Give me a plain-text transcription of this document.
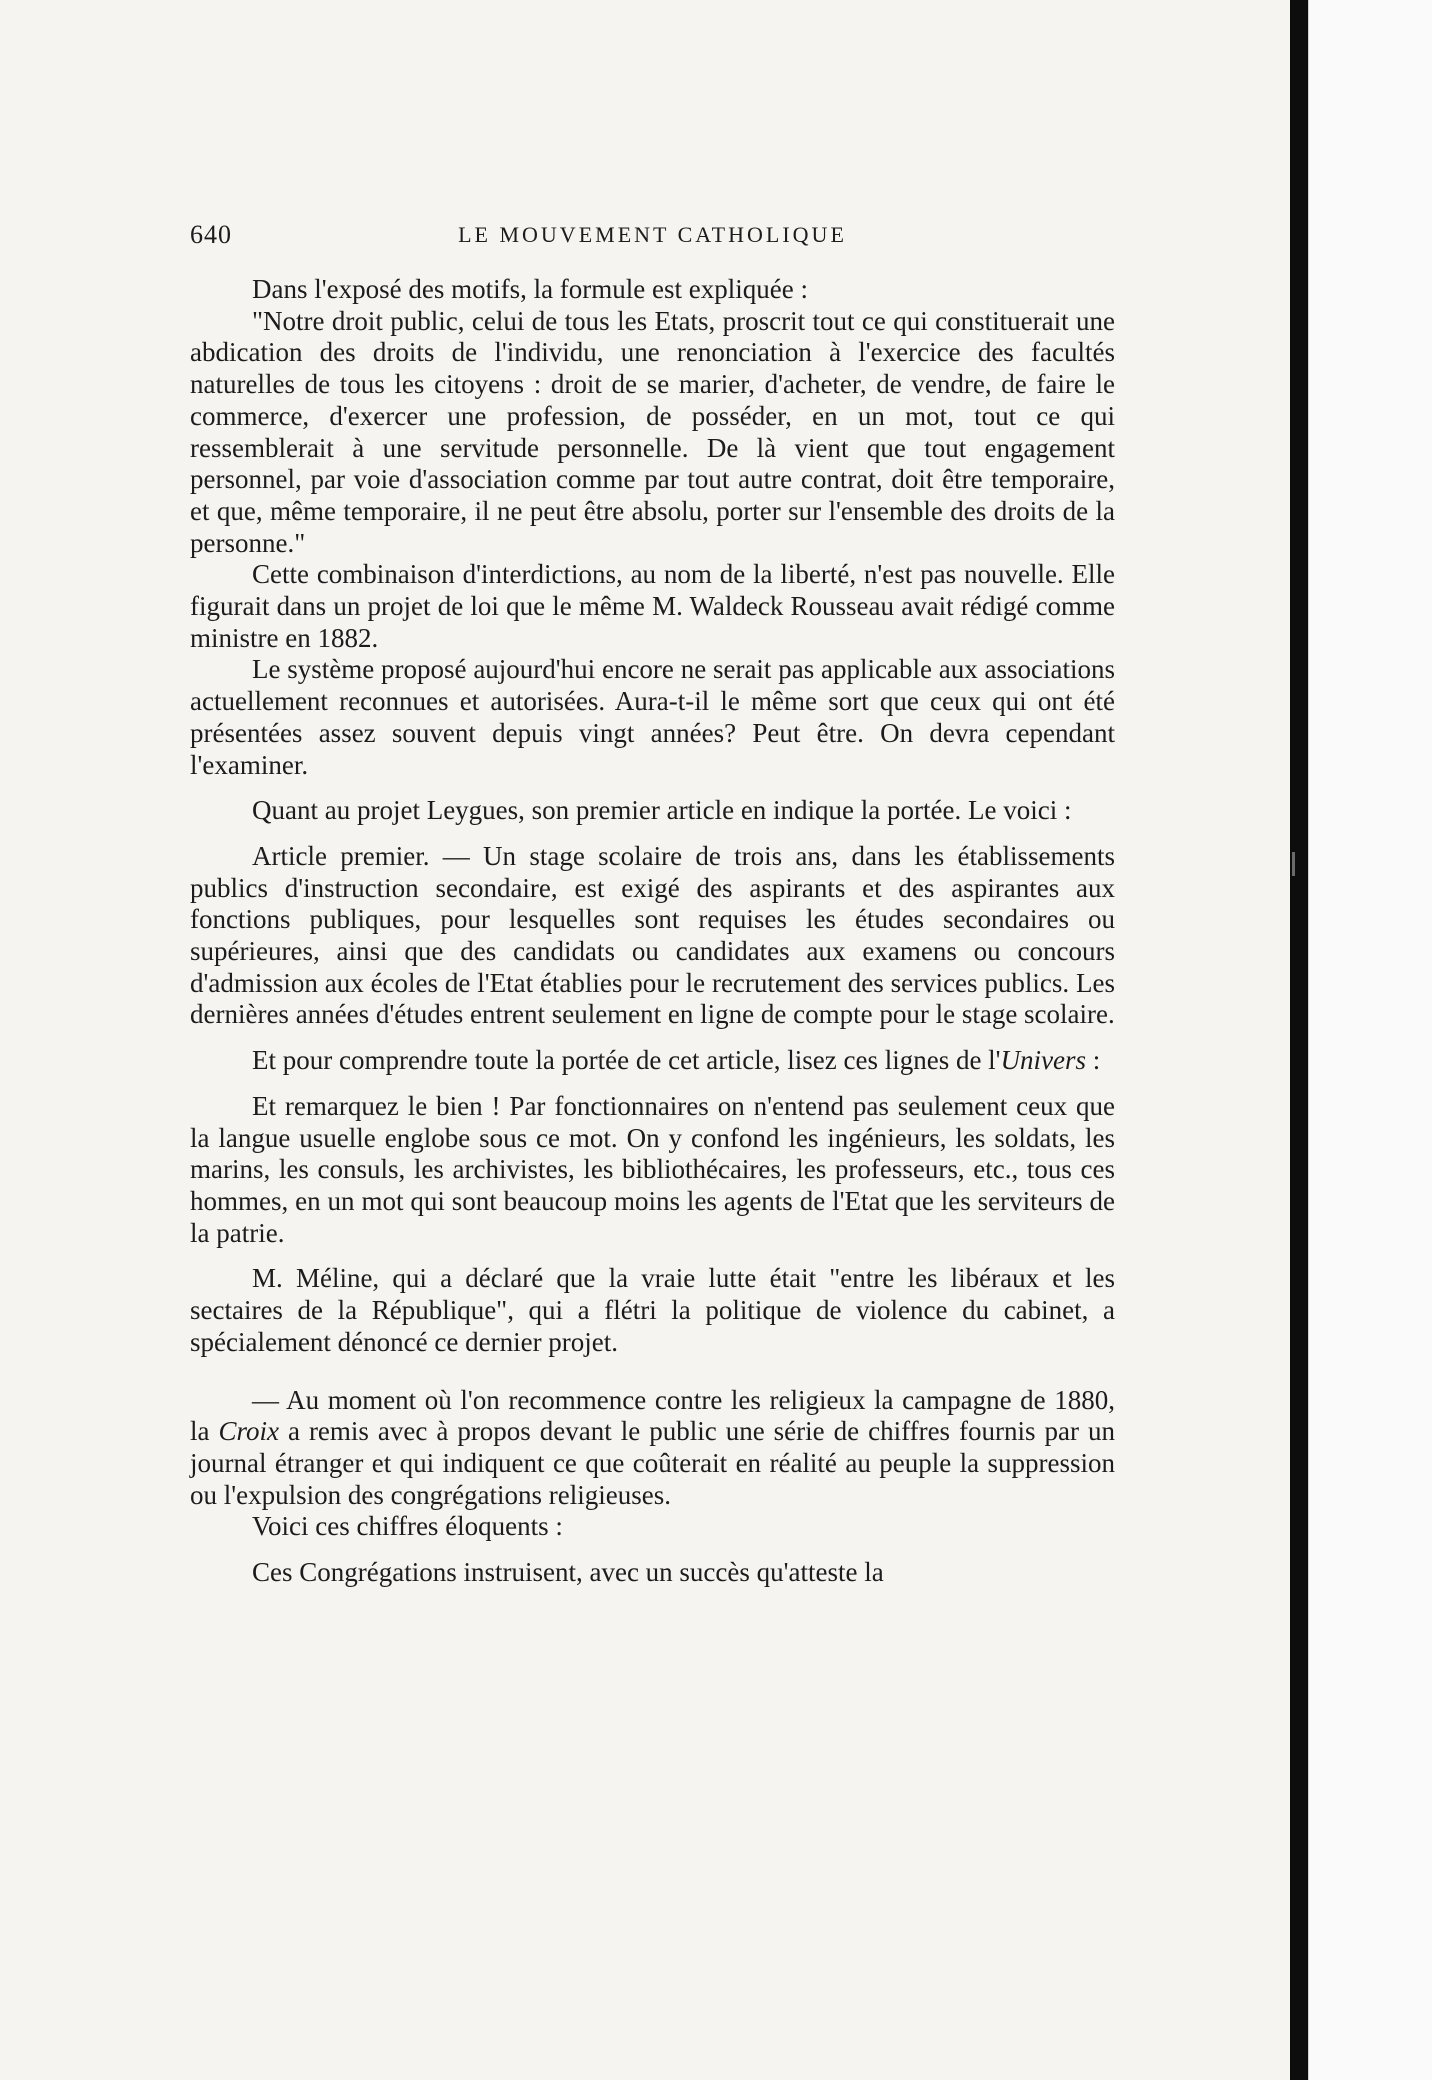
640	LE MOUVEMENT CATHOLIQUE

Dans l'exposé des motifs, la formule est expliquée :

"Notre droit public, celui de tous les Etats, proscrit tout ce qui constituerait une abdication des droits de l'individu, une renonciation à l'exercice des facultés naturelles de tous les citoyens : droit de se marier, d'acheter, de vendre, de faire le commerce, d'exercer une profession, de posséder, en un mot, tout ce qui ressemblerait à une servitude personnelle. De là vient que tout engagement personnel, par voie d'association comme par tout autre contrat, doit être temporaire, et que, même temporaire, il ne peut être absolu, porter sur l'ensemble des droits de la personne."

Cette combinaison d'interdictions, au nom de la liberté, n'est pas nouvelle. Elle figurait dans un projet de loi que le même M. Waldeck Rousseau avait rédigé comme ministre en 1882.

Le système proposé aujourd'hui encore ne serait pas applicable aux associations actuellement reconnues et autorisées. Aura-t-il le même sort que ceux qui ont été présentées assez souvent depuis vingt années? Peut être. On devra cependant l'examiner.

Quant au projet Leygues, son premier article en indique la portée. Le voici :

Article premier. — Un stage scolaire de trois ans, dans les établissements publics d'instruction secondaire, est exigé des aspirants et des aspirantes aux fonctions publiques, pour lesquelles sont requises les études secondaires ou supérieures, ainsi que des candidats ou candidates aux examens ou concours d'admission aux écoles de l'Etat établies pour le recrutement des services publics. Les dernières années d'études entrent seulement en ligne de compte pour le stage scolaire.

Et pour comprendre toute la portée de cet article, lisez ces lignes de l'Univers :

Et remarquez le bien ! Par fonctionnaires on n'entend pas seulement ceux que la langue usuelle englobe sous ce mot. On y confond les ingénieurs, les soldats, les marins, les consuls, les archivistes, les bibliothécaires, les professeurs, etc., tous ces hommes, en un mot qui sont beaucoup moins les agents de l'Etat que les serviteurs de la patrie.

M. Méline, qui a déclaré que la vraie lutte était "entre les libéraux et les sectaires de la République", qui a flétri la politique de violence du cabinet, a spécialement dénoncé ce dernier projet.

— Au moment où l'on recommence contre les religieux la campagne de 1880, la Croix a remis avec à propos devant le public une série de chiffres fournis par un journal étranger et qui indiquent ce que coûterait en réalité au peuple la suppression ou l'expulsion des congrégations religieuses.

Voici ces chiffres éloquents :

Ces Congrégations instruisent, avec un succès qu'atteste la
